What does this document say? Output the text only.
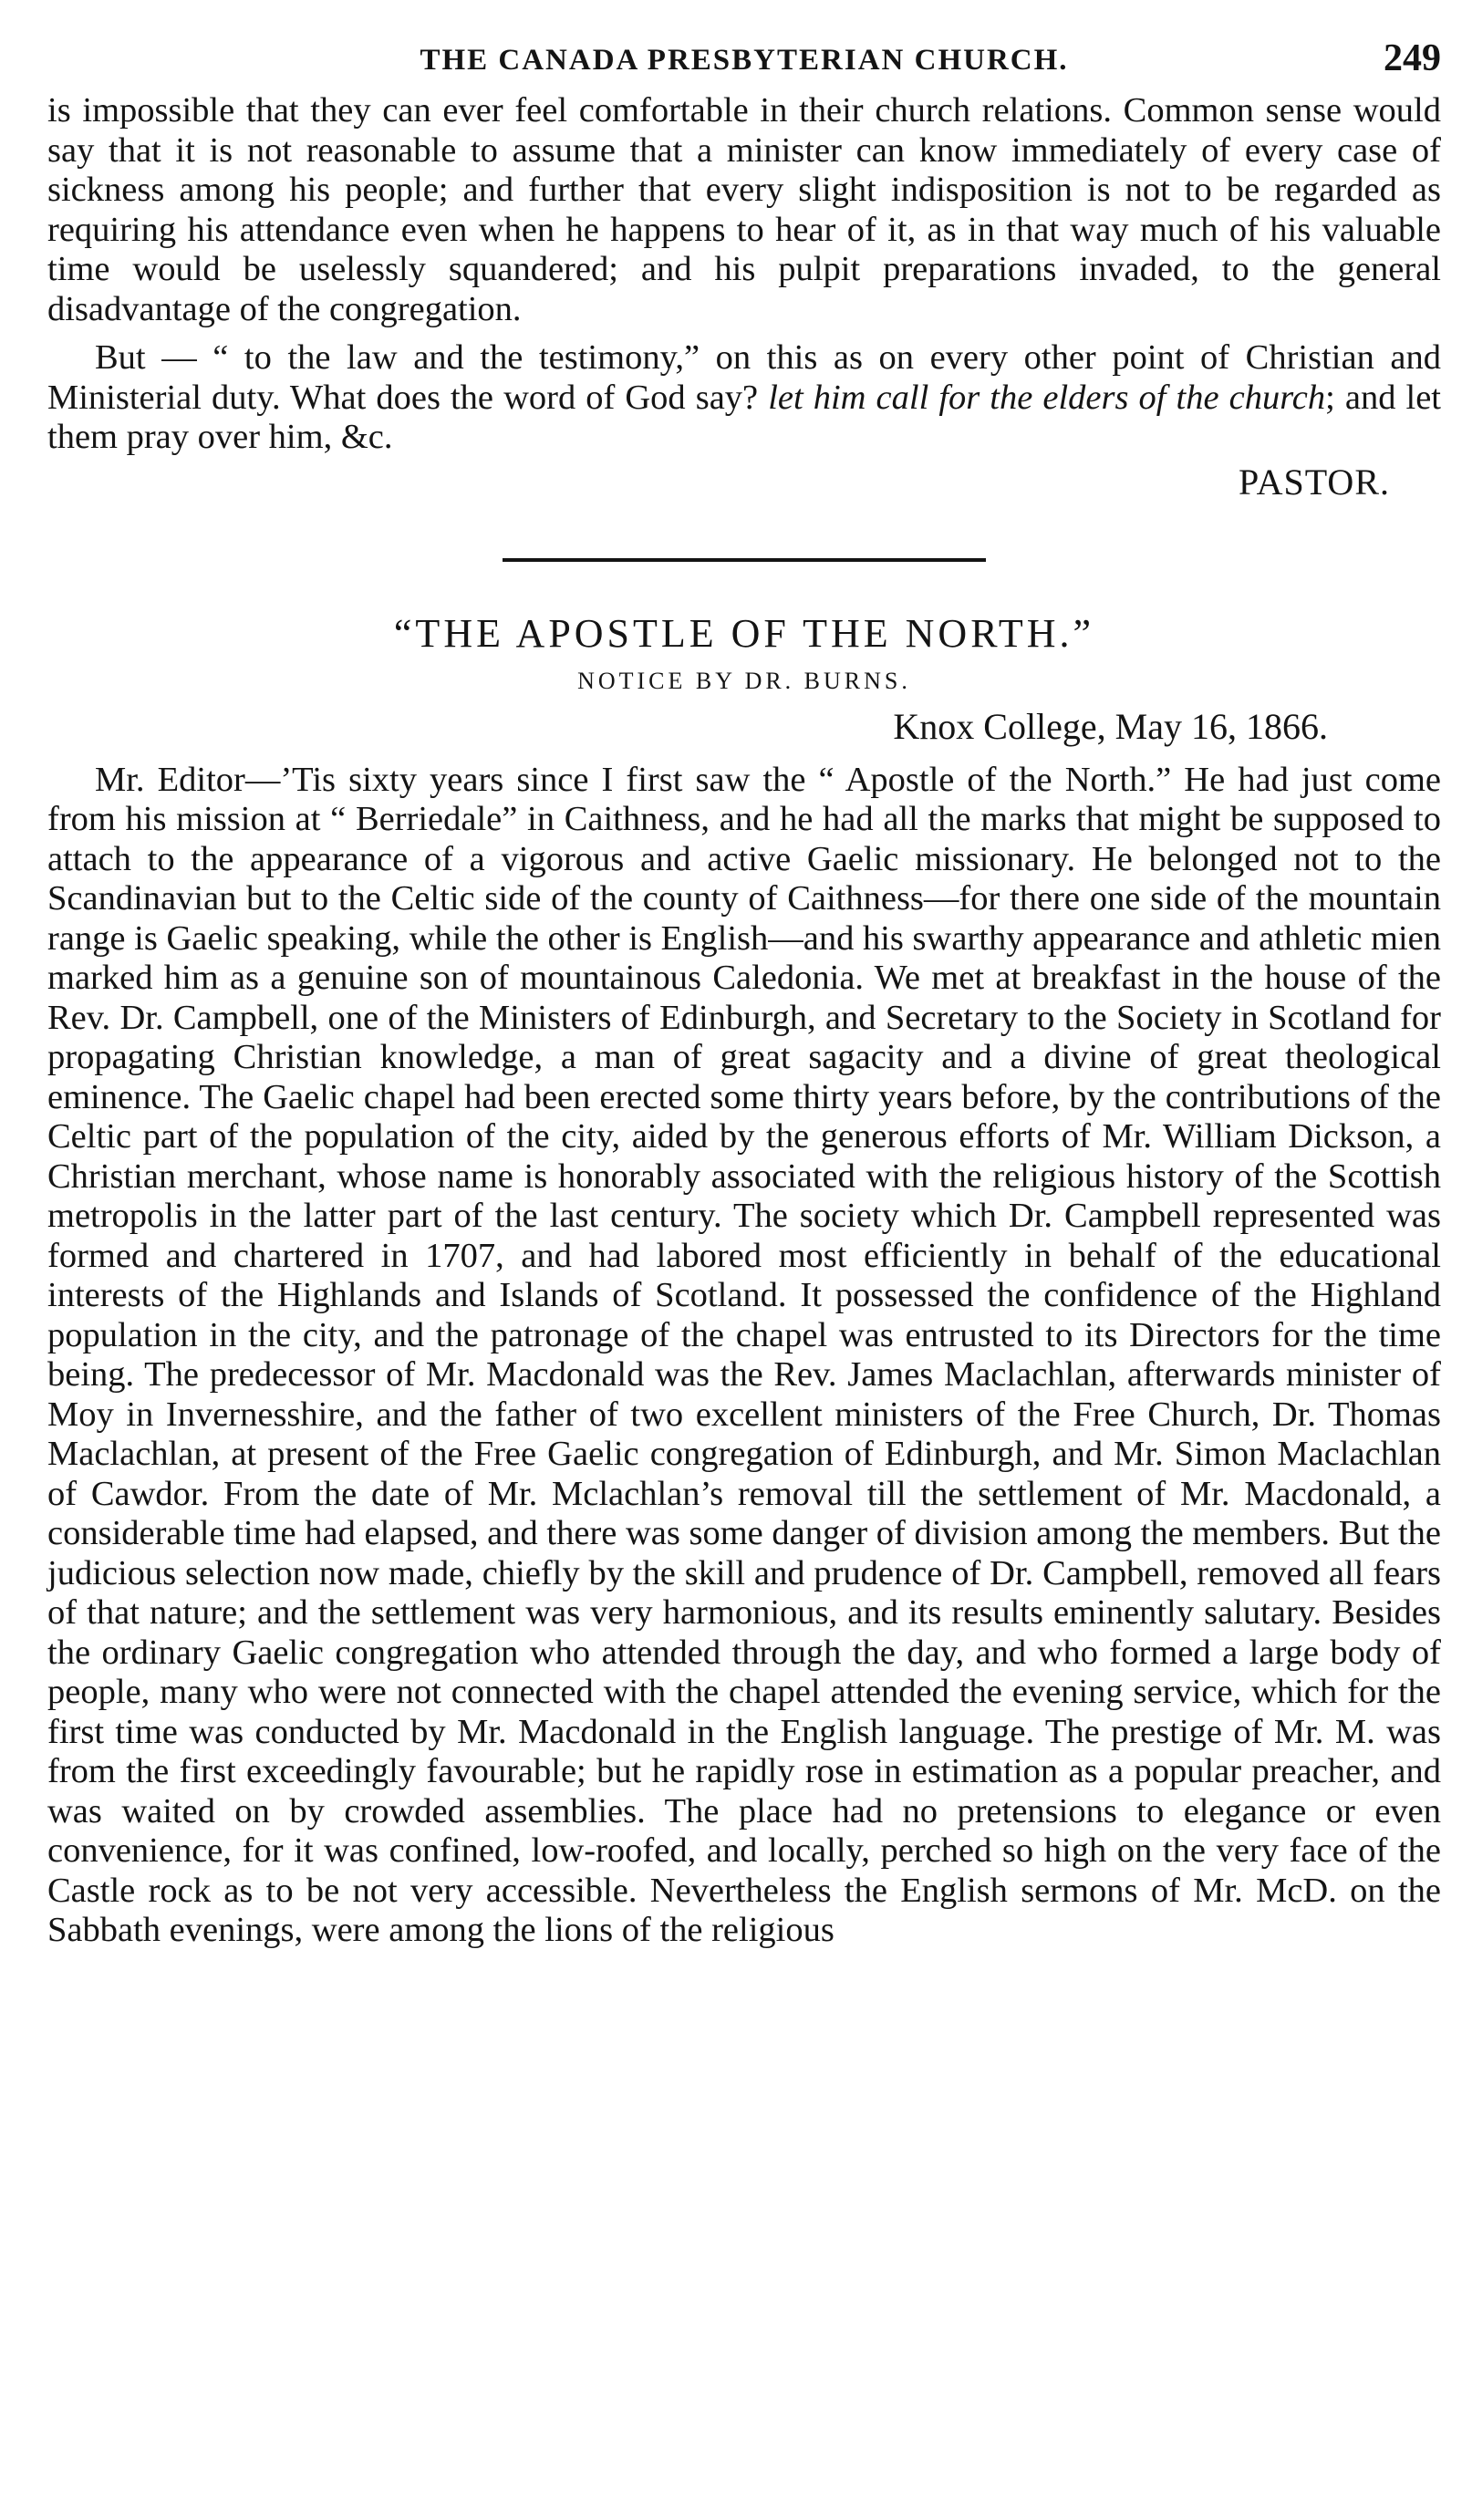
THE CANADA PRESBYTERIAN CHURCH.	249

is impossible that they can ever feel comfortable in their church relations. Common sense would say that it is not reasonable to assume that a minister can know immediately of every case of sickness among his people; and further that every slight indisposition is not to be regarded as requiring his attendance even when he happens to hear of it, as in that way much of his valuable time would be uselessly squandered; and his pulpit preparations invaded, to the general disadvantage of the congregation.

But — “ to the law and the testimony,” on this as on every other point of Christian and Ministerial duty. What does the word of God say? let him call for the elders of the church; and let them pray over him, &c.

PASTOR.
“THE APOSTLE OF THE NORTH.”
NOTICE BY DR. BURNS.
Knox College, May 16, 1866.

Mr. Editor—’Tis sixty years since I first saw the “ Apostle of the North.” He had just come from his mission at “ Berriedale” in Caithness, and he had all the marks that might be supposed to attach to the appearance of a vigorous and active Gaelic missionary. He belonged not to the Scandinavian but to the Celtic side of the county of Caithness—for there one side of the mountain range is Gaelic speaking, while the other is English—and his swarthy appearance and athletic mien marked him as a genuine son of mountainous Caledonia. We met at breakfast in the house of the Rev. Dr. Campbell, one of the Ministers of Edinburgh, and Secretary to the Society in Scotland for propagating Christian knowledge, a man of great sagacity and a divine of great theological eminence. The Gaelic chapel had been erected some thirty years before, by the contributions of the Celtic part of the population of the city, aided by the generous efforts of Mr. William Dickson, a Christian merchant, whose name is honorably associated with the religious history of the Scottish metropolis in the latter part of the last century. The society which Dr. Campbell represented was formed and chartered in 1707, and had labored most efficiently in behalf of the educational interests of the Highlands and Islands of Scotland. It possessed the confidence of the Highland population in the city, and the patronage of the chapel was entrusted to its Directors for the time being. The predecessor of Mr. Macdonald was the Rev. James Maclachlan, afterwards minister of Moy in Invernesshire, and the father of two excellent ministers of the Free Church, Dr. Thomas Maclachlan, at present of the Free Gaelic congregation of Edinburgh, and Mr. Simon Maclachlan of Cawdor. From the date of Mr. Mclachlan’s removal till the settlement of Mr. Macdonald, a considerable time had elapsed, and there was some danger of division among the members. But the judicious selection now made, chiefly by the skill and prudence of Dr. Campbell, removed all fears of that nature; and the settlement was very harmonious, and its results eminently salutary. Besides the ordinary Gaelic congregation who attended through the day, and who formed a large body of people, many who were not connected with the chapel attended the evening service, which for the first time was conducted by Mr. Macdonald in the English language. The prestige of Mr. M. was from the first exceedingly favourable; but he rapidly rose in estimation as a popular preacher, and was waited on by crowded assemblies. The place had no pretensions to elegance or even convenience, for it was confined, low-roofed, and locally, perched so high on the very face of the Castle rock as to be not very accessible. Nevertheless the English sermons of Mr. McD. on the Sabbath evenings, were among the lions of the religious
